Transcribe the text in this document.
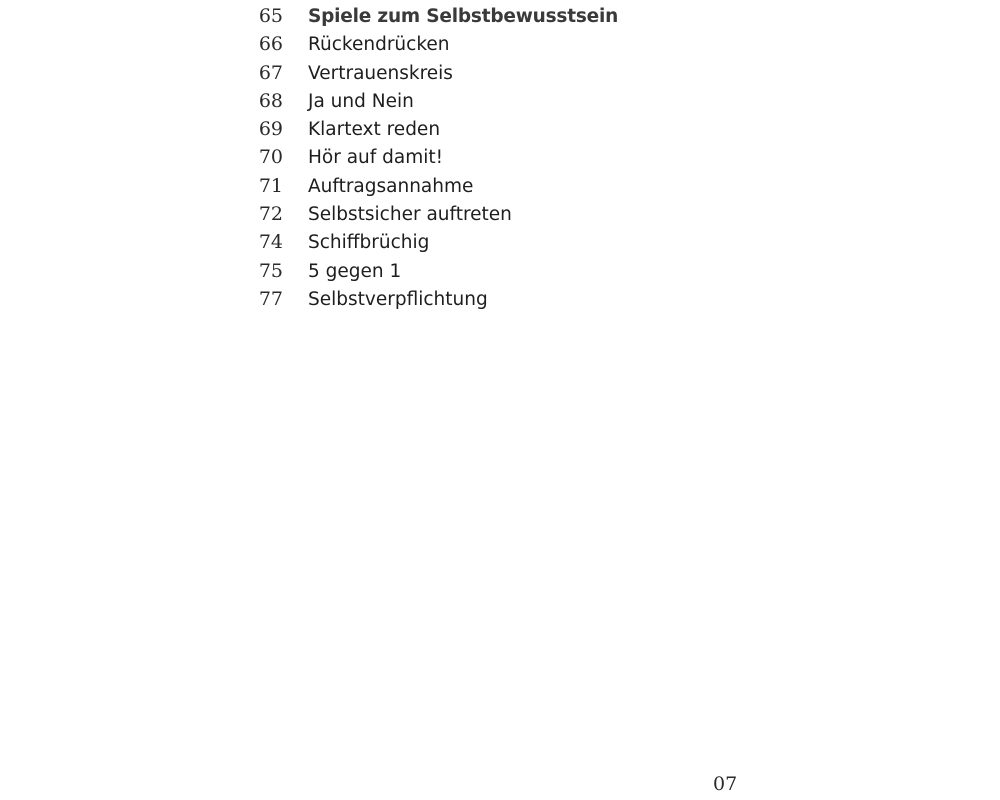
65 Spiele zum Selbstbewusstsein
66 Rückendrücken
67 Vertrauenskreis
68 Ja und Nein
69 Klartext reden
70 Hör auf damit!
71 Auftragsannahme
72 Selbstsicher auftreten
74 Schiffbrüchig
75 5 gegen 1
77 Selbstverpflichtung
07
